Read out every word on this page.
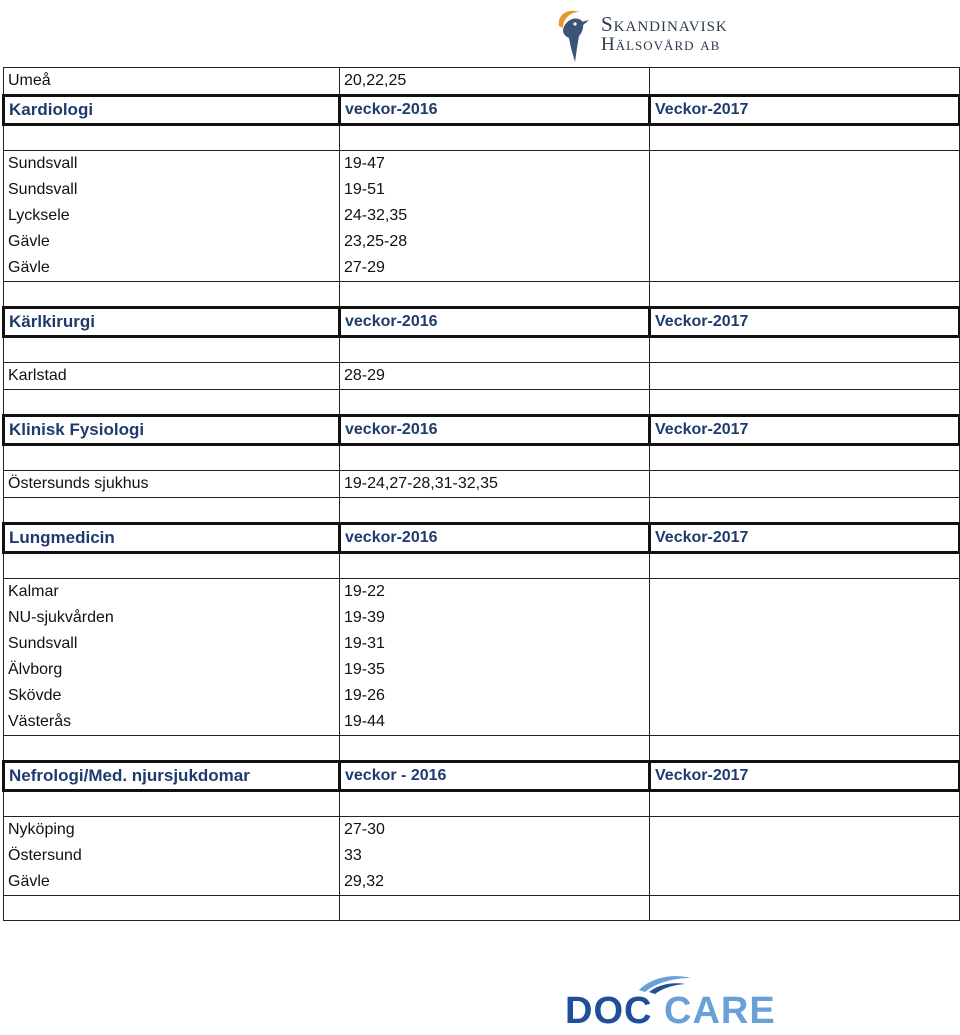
Skandinavisk
Hälsovård ab
Umeå	20,22,25	
Kardiologi	veckor-2016	Veckor-2017

Sundsvall	19-47	
Sundsvall	19-51	
Lycksele	24-32,35	
Gävle	23,25-28	
Gävle	27-29	

Kärlkirurgi	veckor-2016	Veckor-2017

Karlstad	28-29	

Klinisk Fysiologi	veckor-2016	Veckor-2017

Östersunds sjukhus	19-24,27-28,31-32,35	

Lungmedicin	veckor-2016	Veckor-2017

Kalmar	19-22	
NU-sjukvården	19-39	
Sundsvall	19-31	
Älvborg	19-35	
Skövde	19-26	
Västerås	19-44	

Nefrologi/Med. njursjukdomar	veckor - 2016	Veckor-2017

Nyköping	27-30	
Östersund	33	
Gävle	29,32	

DOC CARE
